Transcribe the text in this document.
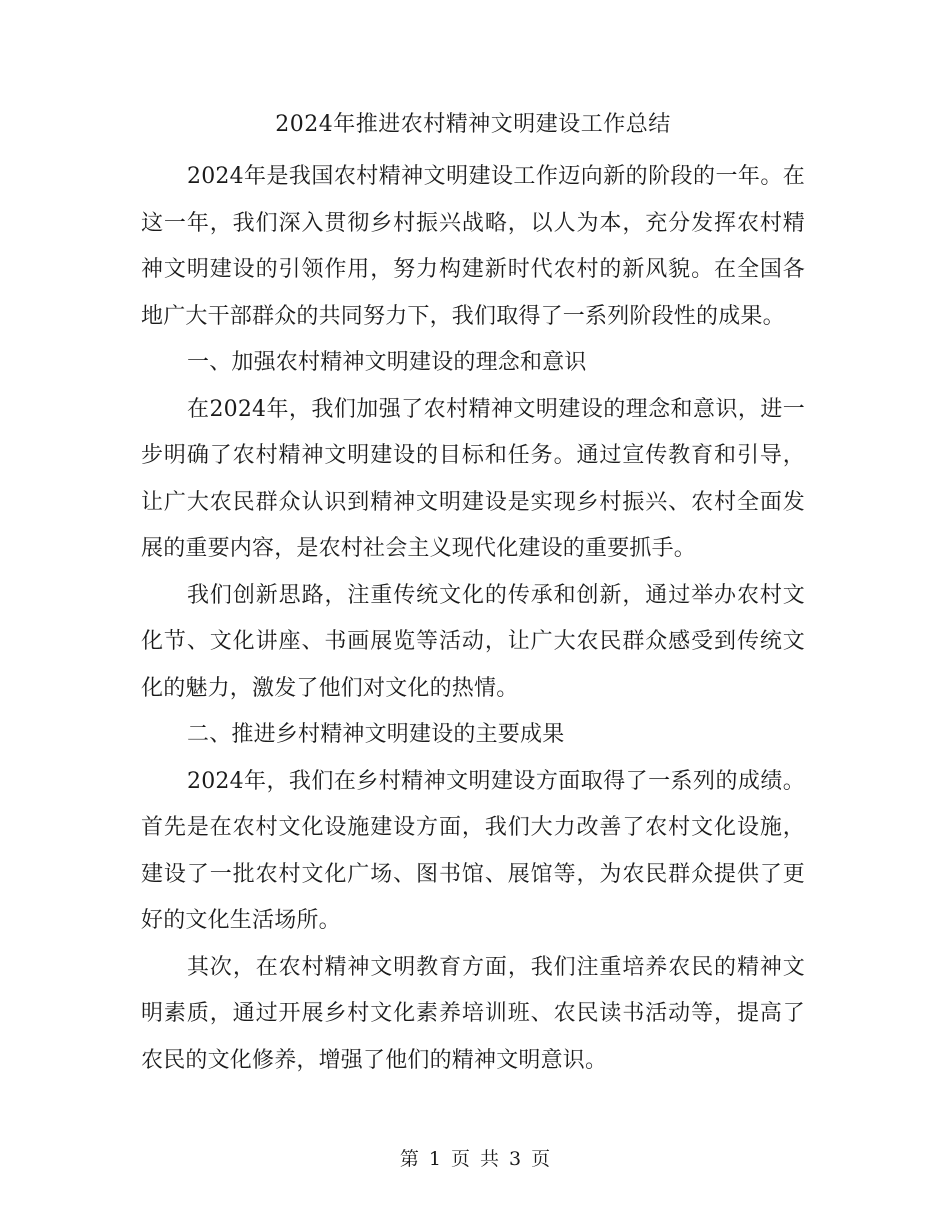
2024年推进农村精神文明建设工作总结

2024年是我国农村精神文明建设工作迈向新的阶段的一年。在这一年，我们深入贯彻乡村振兴战略，以人为本，充分发挥农村精神文明建设的引领作用，努力构建新时代农村的新风貌。在全国各地广大干部群众的共同努力下，我们取得了一系列阶段性的成果。

一、加强农村精神文明建设的理念和意识

在2024年，我们加强了农村精神文明建设的理念和意识，进一步明确了农村精神文明建设的目标和任务。通过宣传教育和引导，让广大农民群众认识到精神文明建设是实现乡村振兴、农村全面发展的重要内容，是农村社会主义现代化建设的重要抓手。

我们创新思路，注重传统文化的传承和创新，通过举办农村文化节、文化讲座、书画展览等活动，让广大农民群众感受到传统文化的魅力，激发了他们对文化的热情。

二、推进乡村精神文明建设的主要成果

2024年，我们在乡村精神文明建设方面取得了一系列的成绩。首先是在农村文化设施建设方面，我们大力改善了农村文化设施，建设了一批农村文化广场、图书馆、展馆等，为农民群众提供了更好的文化生活场所。

其次，在农村精神文明教育方面，我们注重培养农民的精神文明素质，通过开展乡村文化素养培训班、农民读书活动等，提高了农民的文化修养，增强了他们的精神文明意识。

第 1 页 共 3 页
